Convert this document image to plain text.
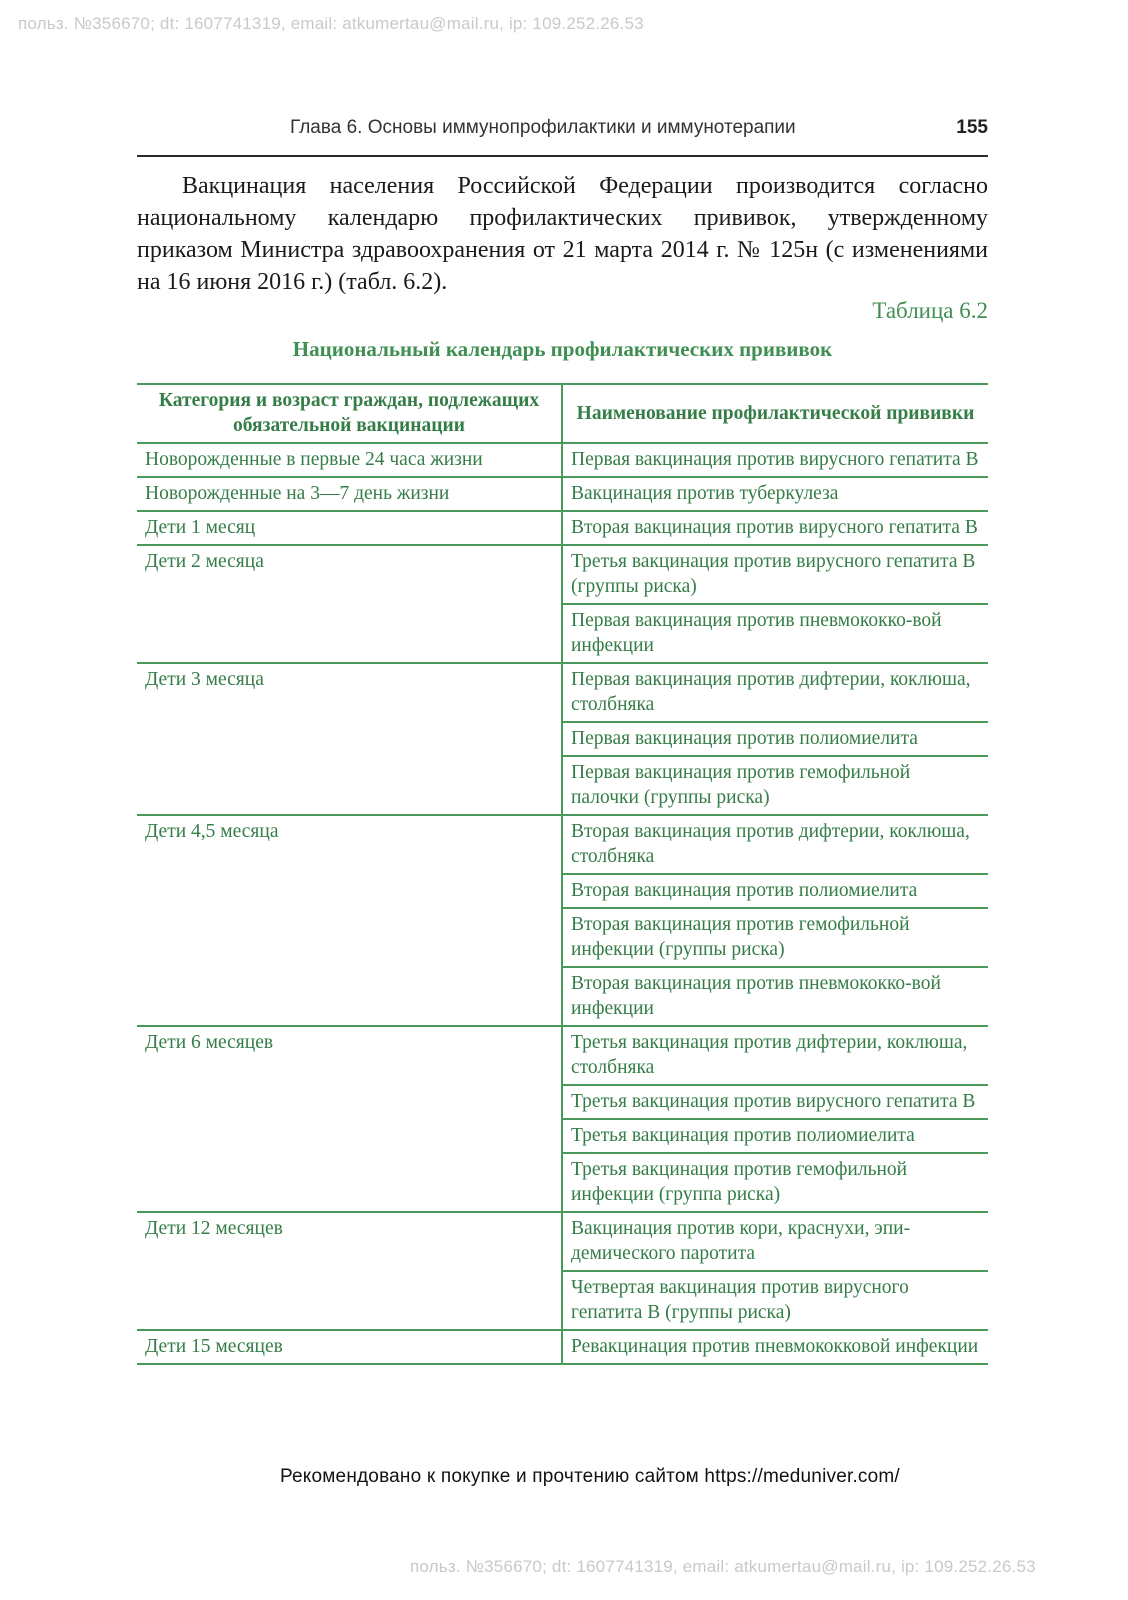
польз. №356670; dt: 1607741319, email: atkumertau@mail.ru, ip: 109.252.26.53
Глава 6. Основы иммунопрофилактики и иммунотерапии	155

Вакцинация населения Российской Федерации производится согласно национальному календарю профилактических прививок, утвержденному приказом Министра здравоохранения от 21 марта 2014 г. № 125н (с изменениями на 16 июня 2016 г.) (табл. 6.2).

Таблица 6.2
Национальный календарь профилактических прививок
Категория и возраст граждан, подлежащих обязательной вакцинации	Наименование профилактической прививки
Новорожденные в первые 24 часа жизни	Первая вакцинация против вирусного гепатита В
Новорожденные на 3—7 день жизни	Вакцинация против туберкулеза
Дети 1 месяц	Вторая вакцинация против вирусного гепатита В
Дети 2 месяца	Третья вакцинация против вирусного гепатита В (группы риска)
	Первая вакцинация против пневмококко-вой инфекции
Дети 3 месяца	Первая вакцинация против дифтерии, коклюша, столбняка
	Первая вакцинация против полиомиелита
	Первая вакцинация против гемофильной палочки (группы риска)
Дети 4,5 месяца	Вторая вакцинация против дифтерии, коклюша, столбняка
	Вторая вакцинация против полиомиелита
	Вторая вакцинация против гемофильной инфекции (группы риска)
	Вторая вакцинация против пневмококко-вой инфекции
Дети 6 месяцев	Третья вакцинация против дифтерии, коклюша, столбняка
	Третья вакцинация против вирусного гепатита В
	Третья вакцинация против полиомиелита
	Третья вакцинация против гемофильной инфекции (группа риска)
Дети 12 месяцев	Вакцинация против кори, краснухи, эпи-демического паротита
	Четвертая вакцинация против вирусного гепатита В (группы риска)
Дети 15 месяцев	Ревакцинация против пневмококковой инфекции
Рекомендовано к покупке и прочтению сайтом https://meduniver.com/
польз. №356670; dt: 1607741319, email: atkumertau@mail.ru, ip: 109.252.26.53
